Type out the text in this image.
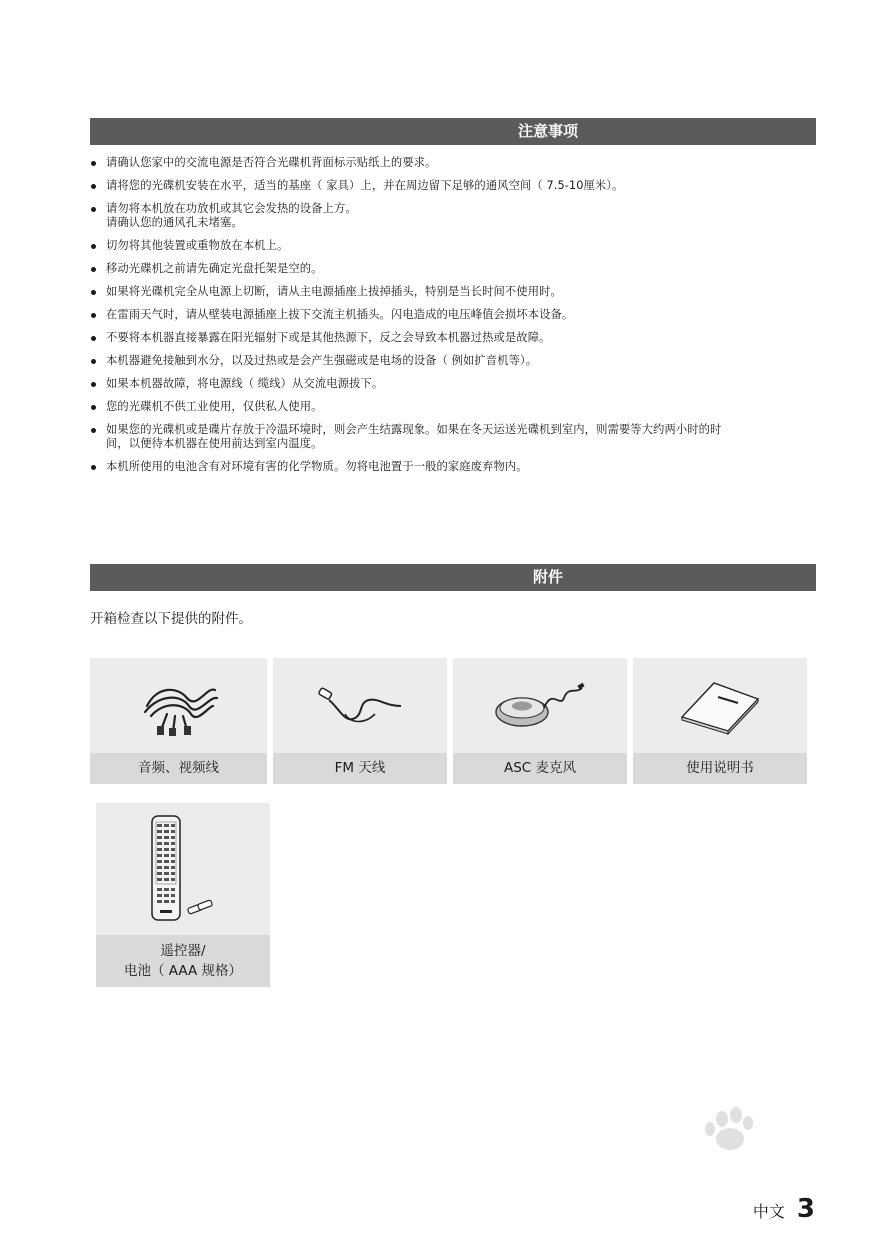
注意事项
请确认您家中的交流电源是否符合光碟机背面标示贴纸上的要求。
请将您的光碟机安装在水平，适当的基座（ 家具）上，并在周边留下足够的通风空间（ 7.5-10厘米）。
请勿将本机放在功放机或其它会发热的设备上方。
请确认您的通风孔未堵塞。
切勿将其他装置或重物放在本机上。
移动光碟机之前请先确定光盘托架是空的。
如果将光碟机完全从电源上切断，请从主电源插座上拔掉插头，特别是当长时间不使用时。
在雷雨天气时，请从壁装电源插座上拔下交流主机插头。闪电造成的电压峰值会损坏本设备。
不要将本机器直接暴露在阳光辐射下或是其他热源下，反之会导致本机器过热或是故障。
本机器避免接触到水分，以及过热或是会产生强磁或是电场的设备（ 例如扩音机等）。
如果本机器故障，将电源线（ 缆线）从交流电源拔下。
您的光碟机不供工业使用，仅供私人使用。
如果您的光碟机或是碟片存放于冷温环境时，则会产生结露现象。如果在冬天运送光碟机到室内，则需要等大约两小时的时
间，以便待本机器在使用前达到室内温度。
本机所使用的电池含有对环境有害的化学物质。勿将电池置于一般的家庭废弃物内。
附件
开箱检查以下提供的附件。
音频、视频线	FM 天线	ASC 麦克风	使用说明书
遥控器/
电池（ AAA 规格）
中文 3
